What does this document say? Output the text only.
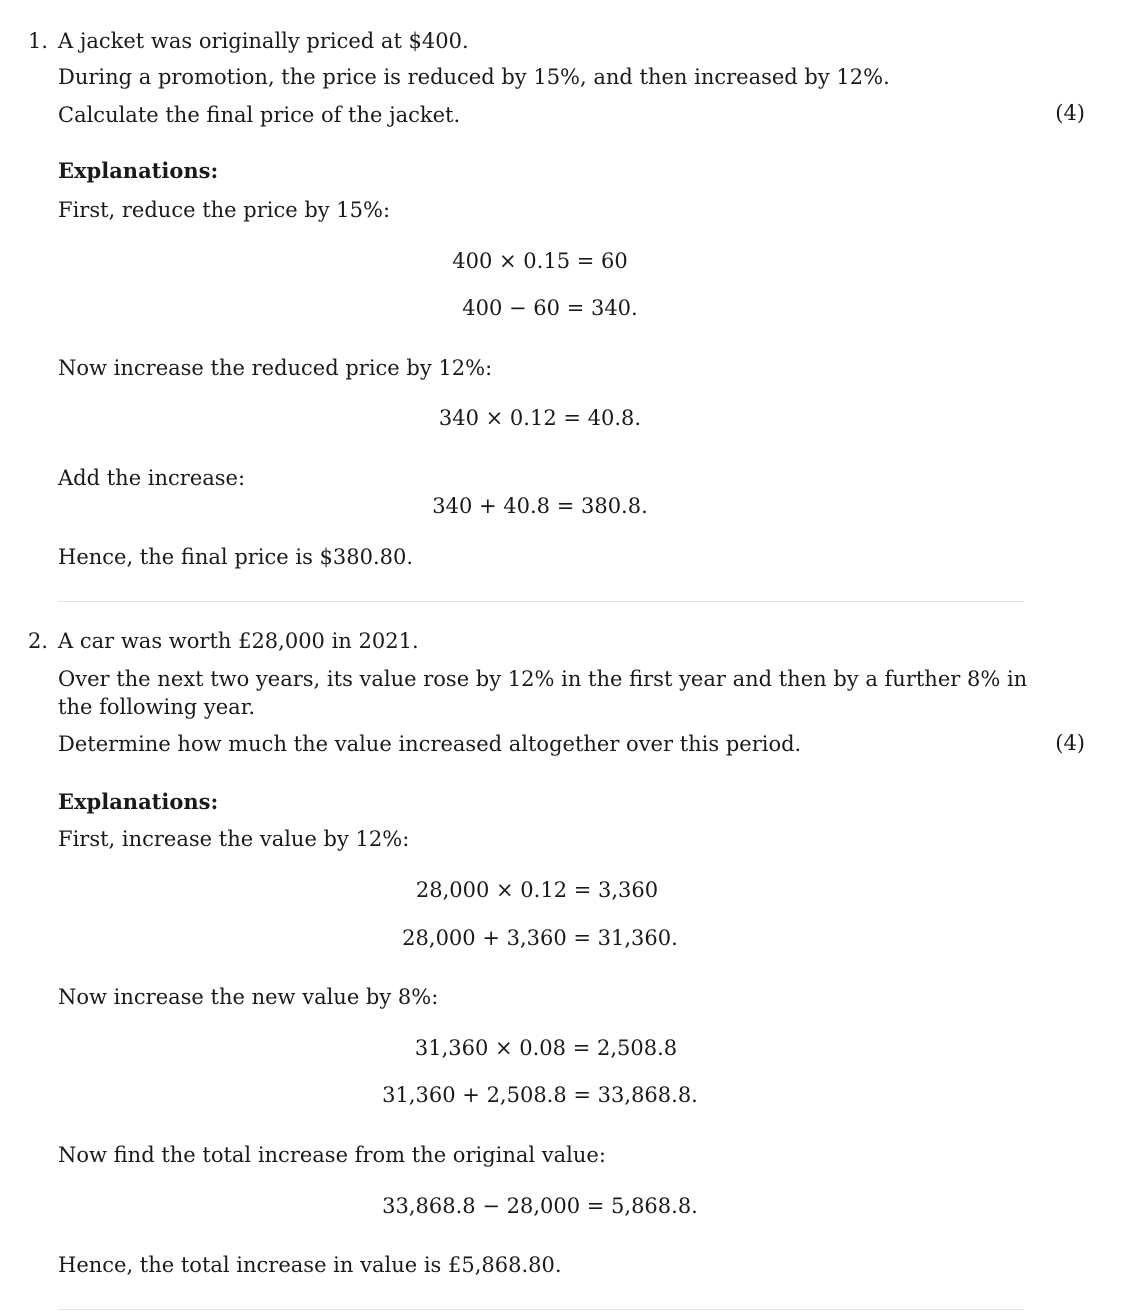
1. A jacket was originally priced at $400.
During a promotion, the price is reduced by 15%, and then increased by 12%.
Calculate the final price of the jacket.	(4)
Explanations:
First, reduce the price by 15%:
400 × 0.15 = 60
400 − 60 = 340.
Now increase the reduced price by 12%:
340 × 0.12 = 40.8.
Add the increase:
340 + 40.8 = 380.8.
Hence, the final price is $380.80.
2. A car was worth £28,000 in 2021.
Over the next two years, its value rose by 12% in the first year and then by a further 8% in
the following year.
Determine how much the value increased altogether over this period.	(4)
Explanations:
First, increase the value by 12%:
28,000 × 0.12 = 3,360
28,000 + 3,360 = 31,360.
Now increase the new value by 8%:
31,360 × 0.08 = 2,508.8
31,360 + 2,508.8 = 33,868.8.
Now find the total increase from the original value:
33,868.8 − 28,000 = 5,868.8.
Hence, the total increase in value is £5,868.80.
